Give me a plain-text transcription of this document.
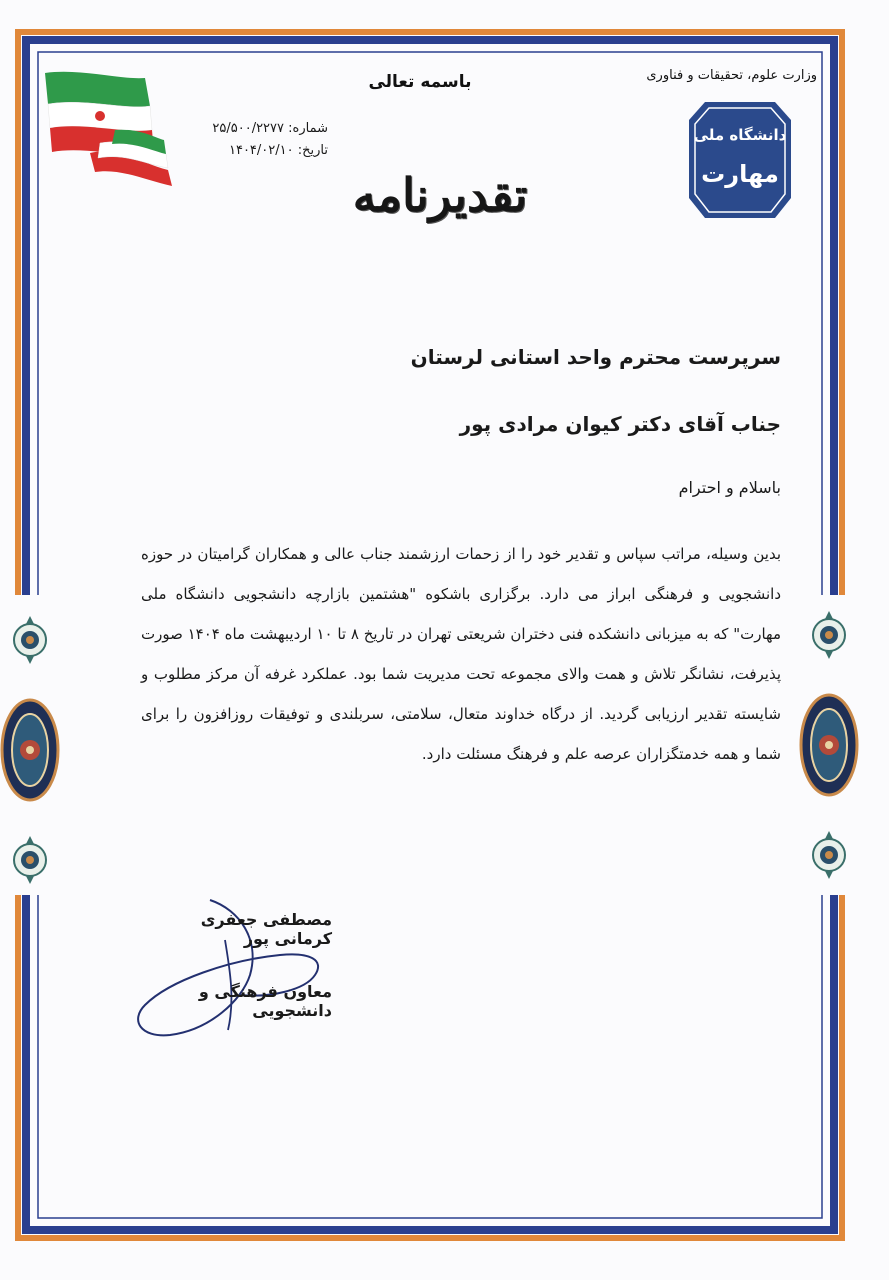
دانشگاه ملی
مهارت
وزارت علوم، تحقیقات و فناوری
باسمه تعالی
شماره: ۲۵/۵۰۰/۲۲۷۷
تاریخ: ۱۴۰۴/۰۲/۱۰
تقدیرنامه
سرپرست محترم واحد استانی لرستان
جناب آقای دکتر کیوان مرادی پور
باسلام و احترام

بدین وسیله، مراتب سپاس و تقدیر خود را از زحمات ارزشمند جناب عالی و همکاران گرامیتان در حوزه دانشجویی و فرهنگی ابراز می دارد. برگزاری باشکوه "هشتمین بازارچه دانشجویی دانشگاه ملی مهارت" که به میزبانی دانشکده فنی دختران شریعتی تهران در تاریخ ۸ تا ۱۰ اردیبهشت ماه ۱۴۰۴ صورت پذیرفت، نشانگر تلاش و همت والای مجموعه تحت مدیریت شما بود. عملکرد غرفه آن مرکز مطلوب و شایسته تقدیر ارزیابی گردید. از درگاه خداوند متعال، سلامتی، سربلندی و توفیقات روزافزون را برای شما و همه خدمتگزاران عرصه علم و فرهنگ مسئلت دارد.

مصطفی جعفری کرمانی پور
معاون فرهنگی و دانشجویی
